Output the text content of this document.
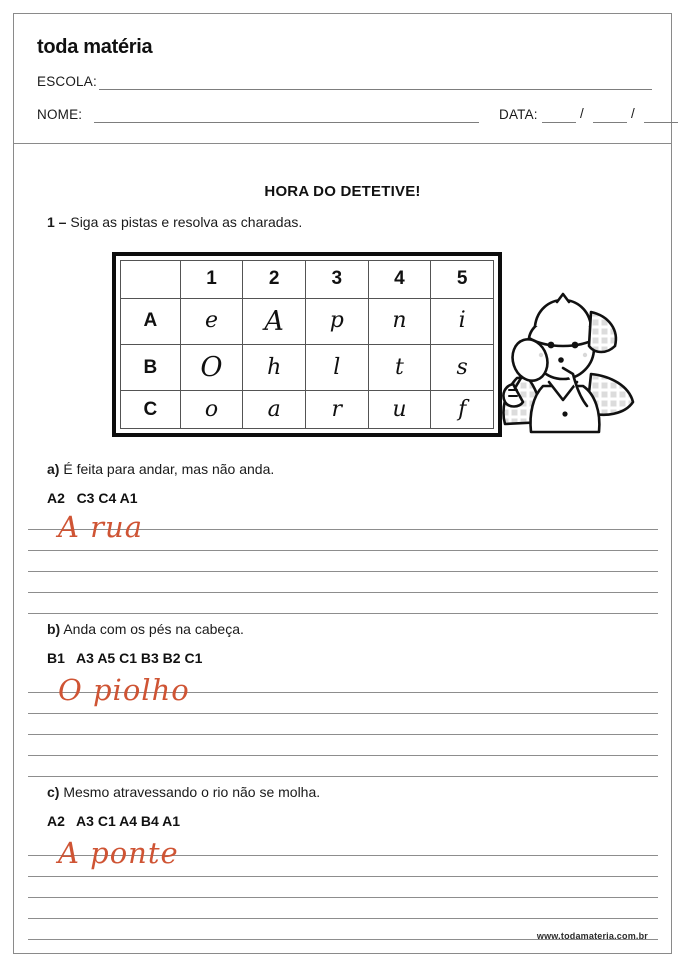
toda matéria
ESCOLA:
NOME:	DATA:	/	/
HORA DO DETETIVE!
1 – Siga as pistas e resolva as charadas.
	1	2	3	4	5
A	e	A	p	n	i
B	O	h	l	t	s
C	o	a	r	u	f
a) É feita para andar, mas não anda.
A2   C3 C4 A1
A rua
b) Anda com os pés na cabeça.
B1   A3 A5 C1 B3 B2 C1
O piolho
c) Mesmo atravessando o rio não se molha.
A2   A3 C1 A4 B4 A1
A ponte
www.todamateria.com.br
